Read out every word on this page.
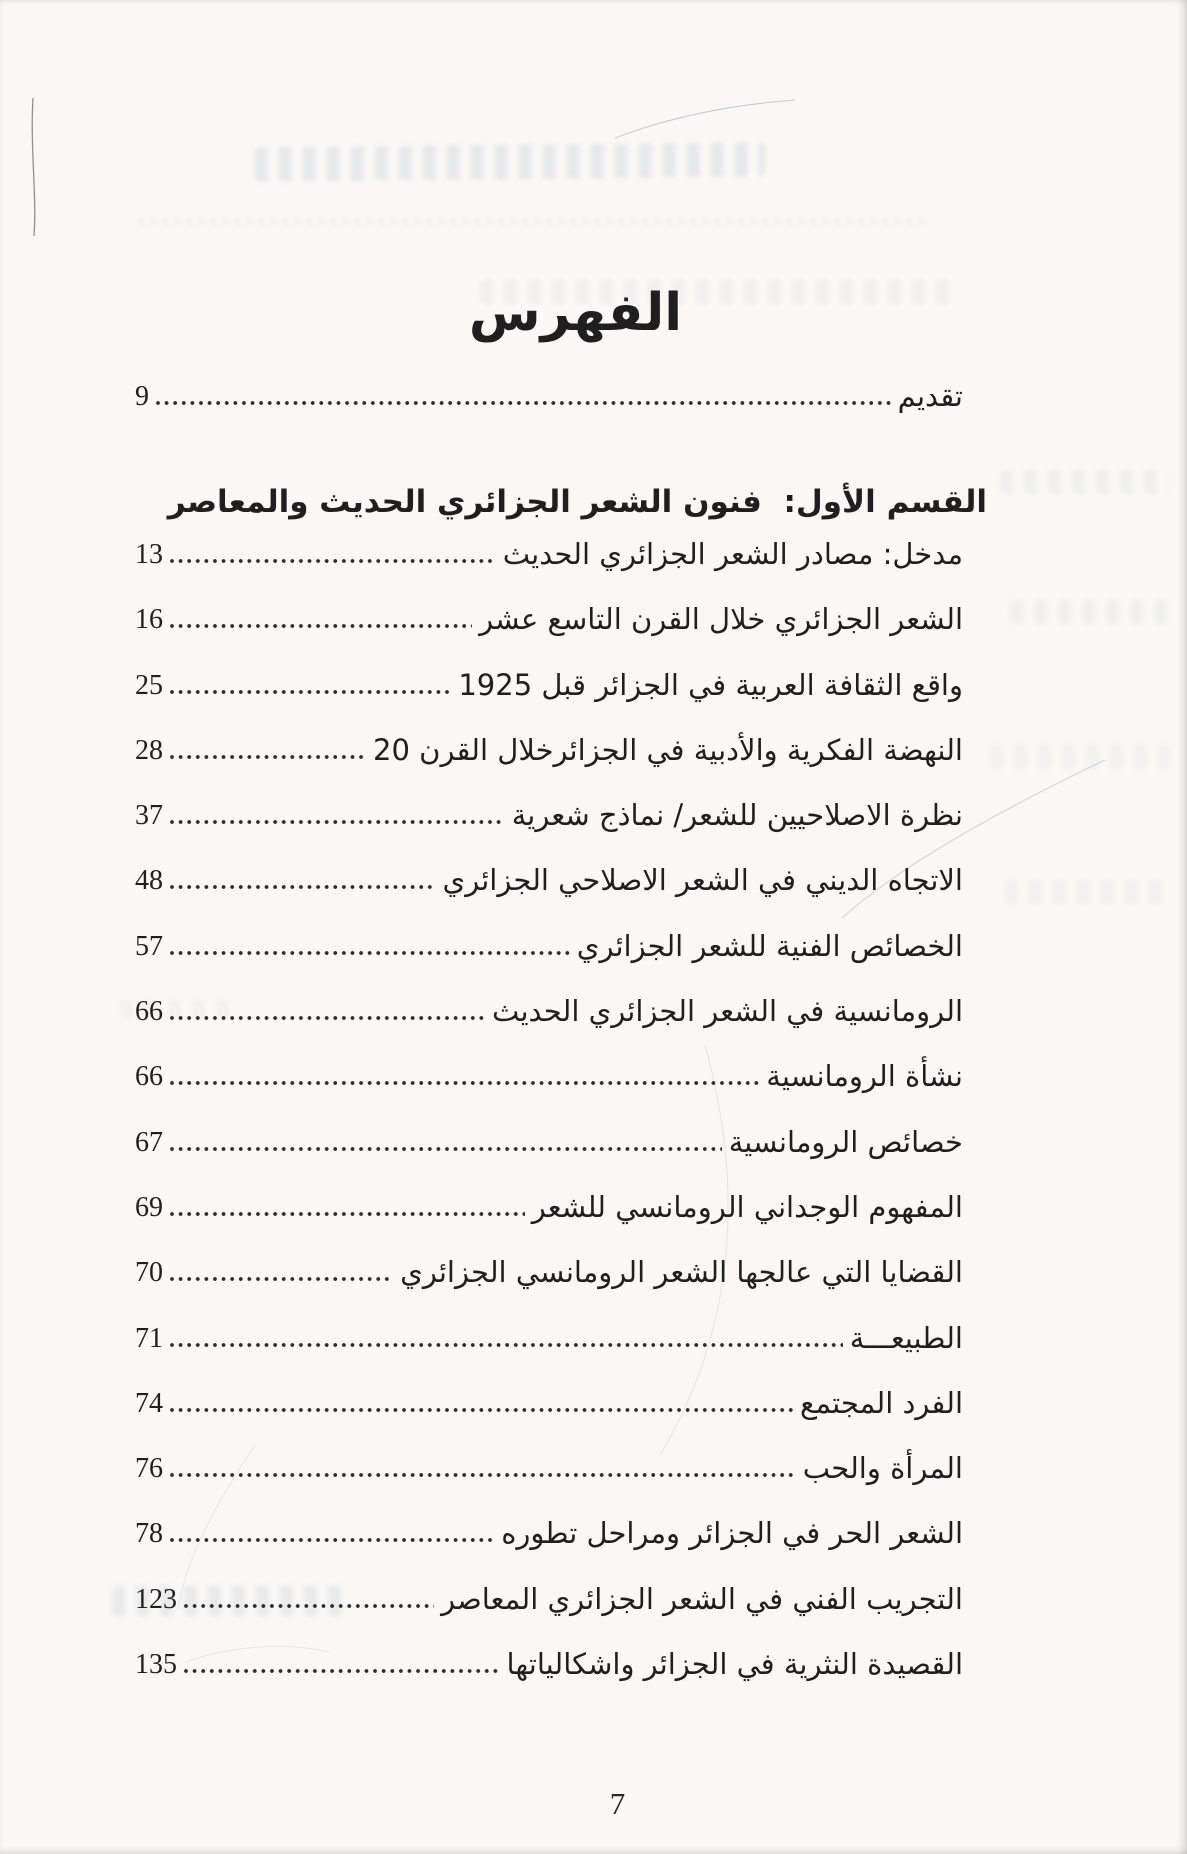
الفهرس
تقديم
9
القسم الأول:  فنون الشعر الجزائري الحديث والمعاصر
مدخل: مصادر الشعر الجزائري الحديث
13
الشعر الجزائري خلال القرن التاسع عشر
16
واقع الثقافة العربية في الجزائر قبل 1925
25
النهضة الفكرية والأدبية في الجزائرخلال القرن 20
28
نظرة الاصلاحيين للشعر/ نماذج شعرية
37
الاتجاه الديني في الشعر الاصلاحي الجزائري
48
الخصائص الفنية للشعر الجزائري
57
الرومانسية في الشعر الجزائري الحديث
66
نشأة الرومانسية
66
خصائص الرومانسية
67
المفهوم الوجداني الرومانسي للشعر
69
القضايا التي عالجها الشعر الرومانسي الجزائري
70
الطبيعـــة
71
الفرد المجتمع
74
المرأة والحب
76
الشعر الحر في الجزائر ومراحل تطوره
78
التجريب الفني في الشعر الجزائري المعاصر
123
القصيدة النثرية في الجزائر واشكالياتها
135
7
